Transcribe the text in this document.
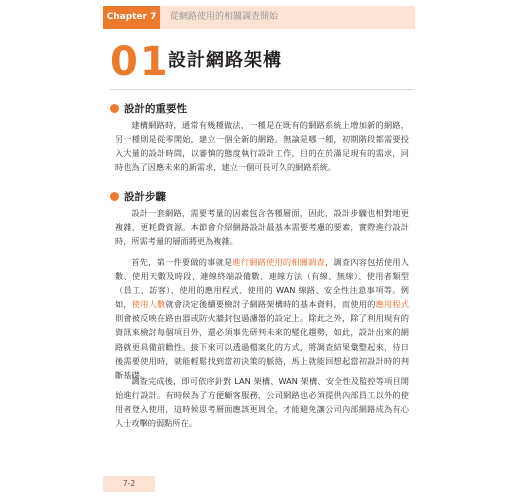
Chapter 7	從網路使用的相關調查開始
01
設計網路架構
設計的重要性

建構網路時，通常有幾種做法，一種是在既有的網路系統上增加新的網路，另一種則是從零開始，建立一個全新的網路。無論是哪一種，初期階段都需要投入大量的設計時間，以審慎的態度執行設計工作，目的在於滿足現有的需求，同時也為了因應未來的新需求，建立一個可長可久的網路系統。

設計步驟

設計一套網路，需要考量的因素包含各種層面，因此，設計步驟也相對地更複雜、更耗費資源。本節會介紹網路設計最基本需要考慮的要素，實際進行設計時，所需考量的層面將更為複雜。

首先，第一件要做的事就是進行網路使用的相關調查，調查內容包括使用人數、使用天數及時段、連線終端設備數、連線方法（有線、無線）、使用者類型（員工、訪客）、使用的應用程式、使用的 WAN 線路、安全性注意事項等。例如，使用人數就會決定後續要檢討子網路架構時的基本資料，而使用的應用程式則會被反映在路由器或防火牆封包過濾器的設定上。除此之外，除了利用現有的資訊來檢討每個項目外，還必須事先研判未來的變化趨勢，如此，設計出來的網路就更具備前瞻性。接下來可以透過檔案化的方式，將調查結果彙整起來，待日後需要使用時，就能輕鬆找到當初決策的脈絡，馬上就能回想起當初設計時的判斷基礎。

調查完成後，即可依序針對 LAN 架構、WAN 架構、安全性及監控等項目開始進行設計。有時候為了方便顧客服務，公司網路也必須提供內部員工以外的使用者登入使用，這時候思考層面應該更周全，才能避免讓公司內部網路成為有心人士攻擊的弱點所在。

7-2
